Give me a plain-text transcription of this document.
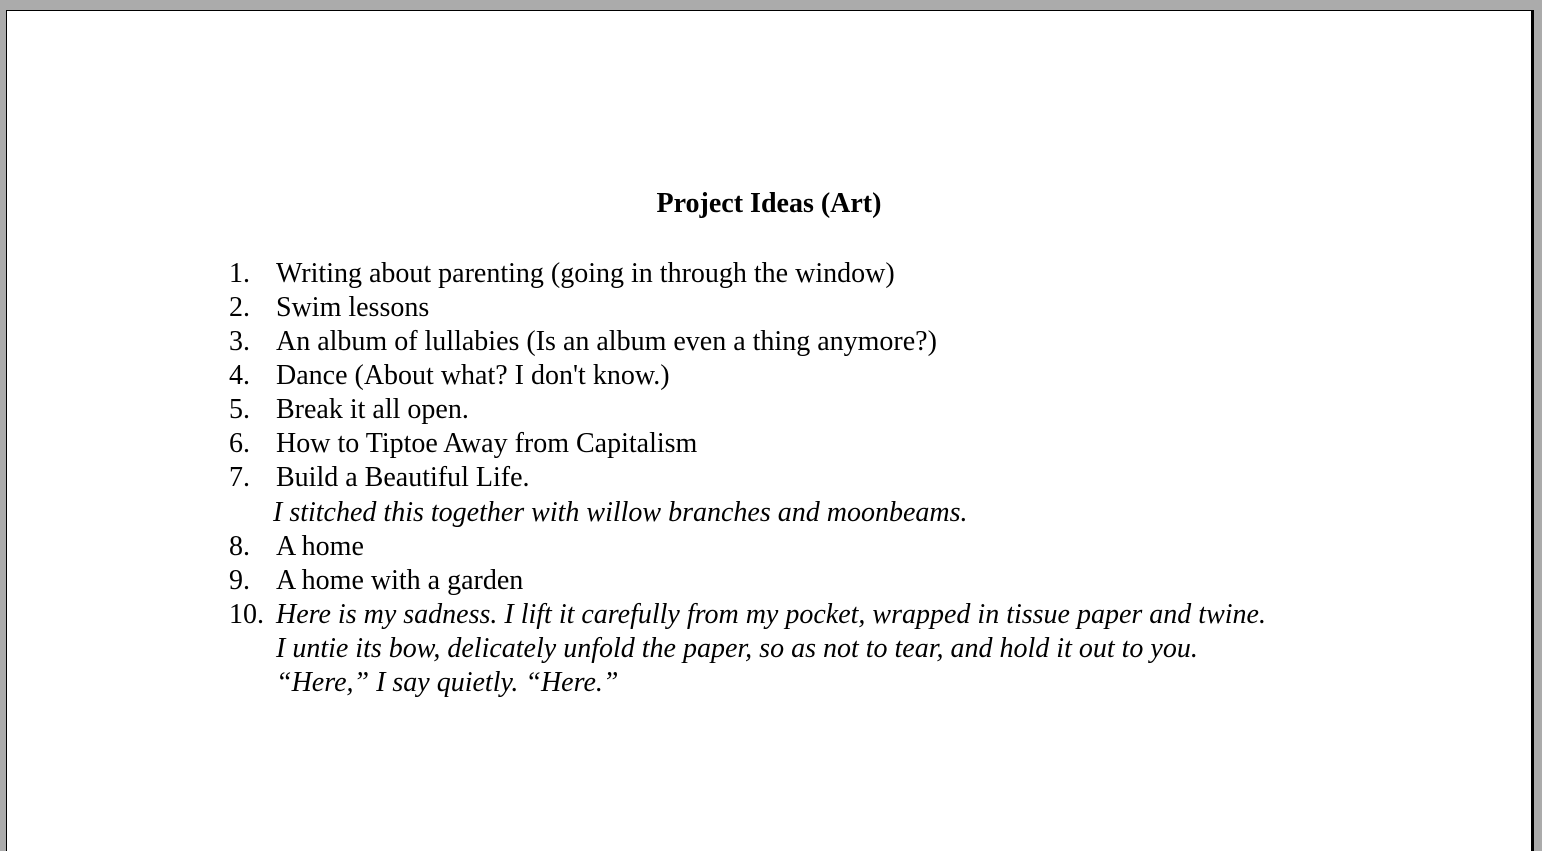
Project Ideas (Art)
1. Writing about parenting (going in through the window)
2. Swim lessons
3. An album of lullabies (Is an album even a thing anymore?)
4. Dance (About what? I don't know.)
5. Break it all open.
6. How to Tiptoe Away from Capitalism
7. Build a Beautiful Life.
I stitched this together with willow branches and moonbeams.
8. A home
9. A home with a garden
10. Here is my sadness. I lift it carefully from my pocket, wrapped in tissue paper and twine.
I untie its bow, delicately unfold the paper, so as not to tear, and hold it out to you.
“Here,” I say quietly. “Here.”
